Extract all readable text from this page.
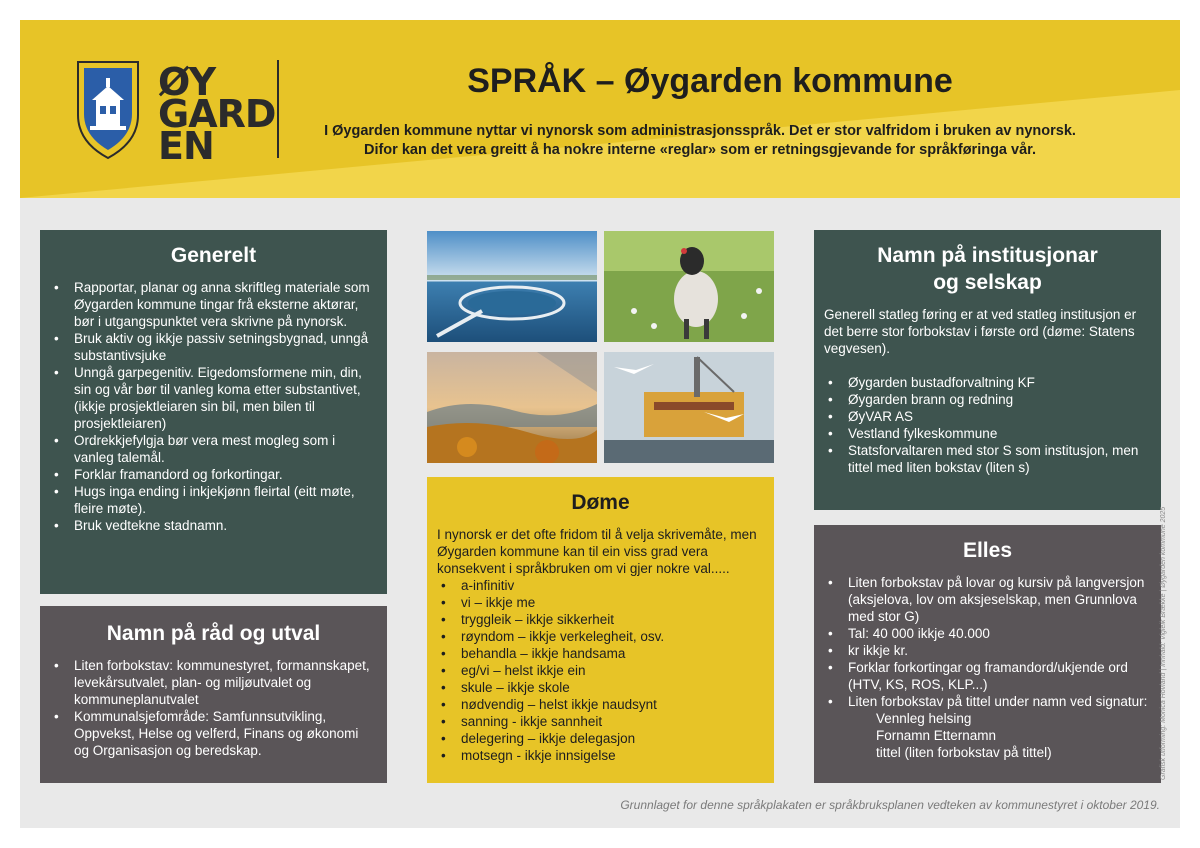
ØY
GARD
EN
SPRÅK – Øygarden kommune
I Øygarden kommune nyttar vi nynorsk som administrasjonsspråk. Det er stor valfridom i bruken av nynorsk.
Difor kan det vera greitt å ha nokre interne «reglar» som er retningsgjevande for språkføringa vår.
Generelt
• Rapportar, planar og anna skriftleg materiale som Øygarden kommune tingar frå eksterne aktørar, bør i utgangspunktet vera skrivne på nynorsk.
• Bruk aktiv og ikkje passiv setningsbygnad, unngå substantivsjuke
• Unngå garpegenitiv. Eigedomsformene min, din, sin og vår bør til vanleg koma etter substantivet, (ikkje prosjektleiaren sin bil, men bilen til prosjektleiaren)
• Ordrekkjefylgja bør vera mest mogleg som i vanleg talemål.
• Forklar framandord og forkortingar.
• Hugs inga ending i inkjekjønn fleirtal (eitt møte, fleire møte).
• Bruk vedtekne stadnamn.
Namn på råd og utval
• Liten forbokstav: kommunestyret, formannskapet, levekårsutvalet, plan- og miljøutvalet og kommuneplanutvalet
• Kommunalsjefområde: Samfunnsutvikling, Oppvekst, Helse og velferd, Finans og økonomi og Organisasjon og beredskap.
Døme

I nynorsk er det ofte fridom til å velja skrivemåte, men Øygarden kommune kan til ein viss grad vera konsekvent i språkbruken om vi gjer nokre val.....

• a-infinitiv
• vi – ikkje me
• tryggleik – ikkje sikkerheit
• røyndom – ikkje verkelegheit, osv.
• behandla – ikkje handsama
• eg/vi – helst ikkje ein
• skule – ikkje skole
• nødvendig – helst ikkje naudsynt
• sanning - ikkje sannheit
• delegering – ikkje delegasjon
• motsegn - ikkje innsigelse
Namn på institusjonar
og selskap

Generell statleg føring er at ved statleg institusjon er det berre stor forbokstav i første ord (døme: Statens vegvesen).

• Øygarden bustadforvaltning KF
• Øygarden brann og redning
• ØyVAR AS
• Vestland fylkeskommune
• Statsforvaltaren med stor S som institusjon, men tittel med liten bokstav (liten s)
Elles
• Liten forbokstav på lovar og kursiv på langversjon (aksjelova, lov om aksjeselskap, men Grunnlova med stor G)
• Tal: 40 000 ikkje 40.000
• kr ikkje kr.
• Forklar forkortingar og framandord/ukjende ord (HTV, KS, ROS, KLP...)
• Liten forbokstav på tittel under namn ved signatur:
Vennleg helsing
Fornamn Etternamn
tittel (liten forbokstav på tittel)
Grunnlaget for denne språkplakaten er språkbruksplanen vedteken av kommunestyret i oktober 2019.
Grafisk utforming: Monica Hovland | Innhald: Vigleik Brække | Øygarden kommune 2025
